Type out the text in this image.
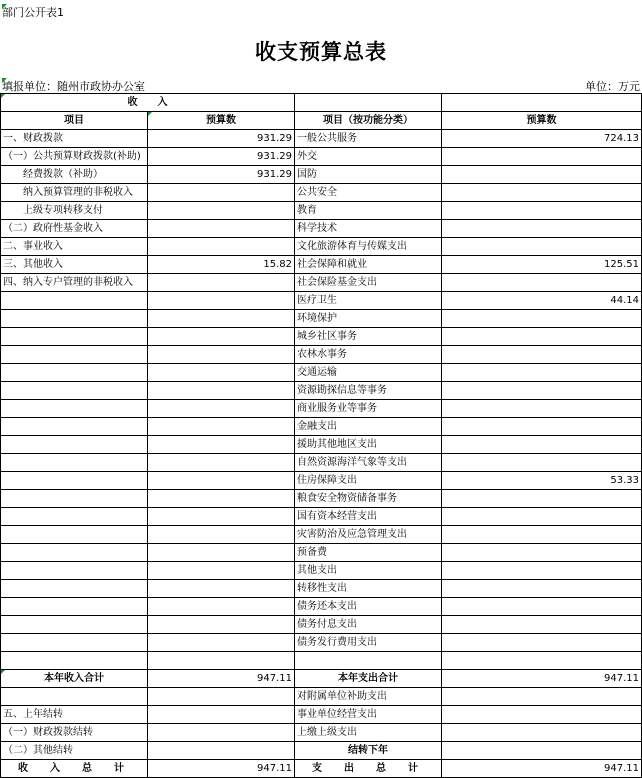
部门公开表1
收支预算总表
填报单位：随州市政协办公室	单位：万元
收　　入			
项目	预算数	项目（按功能分类）	预算数
一、财政拨款	931.29	一般公共服务	724.13
（一）公共预算财政拨款(补助)	931.29	外交	
　　经费拨款（补助）	931.29	国防	
　　纳入预算管理的非税收入		公共安全	
　　上级专项转移支付		教育	
（二）政府性基金收入		科学技术	
二、事业收入		文化旅游体育与传媒支出	
三、其他收入	15.82	社会保障和就业	125.51
四、纳入专户管理的非税收入		社会保险基金支出	
		医疗卫生	44.14
		环境保护	
		城乡社区事务	
		农林水事务	
		交通运输	
		资源勘探信息等事务	
		商业服务业等事务	
		金融支出	
		援助其他地区支出	
		自然资源海洋气象等支出	
		住房保障支出	53.33
		粮食安全物资储备事务	
		国有资本经营支出	
		灾害防治及应急管理支出	
		预备费	
		其他支出	
		转移性支出	
		债务还本支出	
		债务付息支出	
		债务发行费用支出	

本年收入合计	947.11	本年支出合计	947.11
		对附属单位补助支出	
五、上年结转		事业单位经营支出	
（一）财政拨款结转		上缴上级支出	
（二）其他结转		结转下年	
收　入　总　计	947.11	支　出　总　计	947.11
